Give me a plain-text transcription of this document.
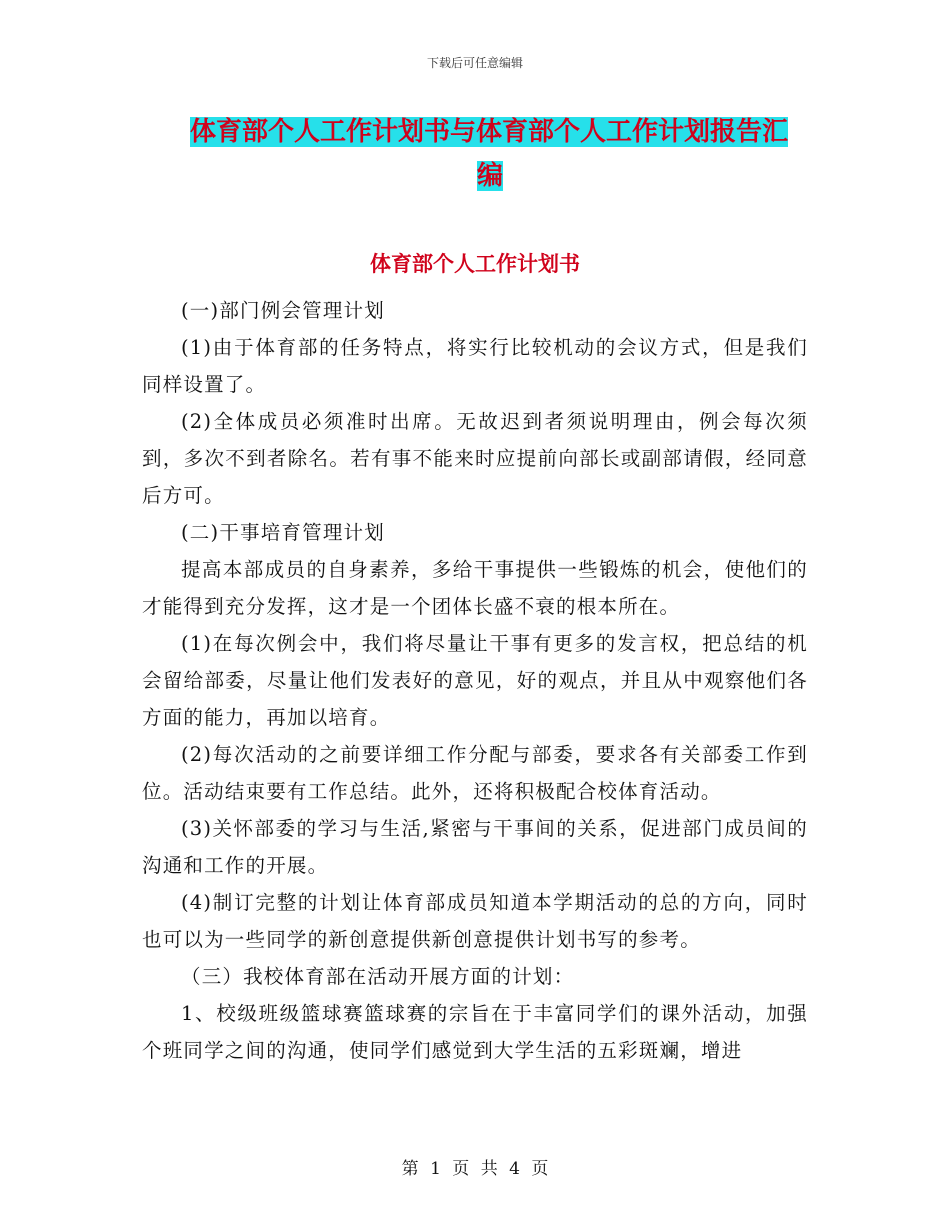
下载后可任意编辑
体育部个人工作计划书与体育部个人工作计划报告汇
编
体育部个人工作计划书

(一)部门例会管理计划

(1)由于体育部的任务特点，将实行比较机动的会议方式，但是我们同样设置了。

(2)全体成员必须准时出席。无故迟到者须说明理由，例会每次须到，多次不到者除名。若有事不能来时应提前向部长或副部请假，经同意后方可。

(二)干事培育管理计划

提高本部成员的自身素养，多给干事提供一些锻炼的机会，使他们的才能得到充分发挥，这才是一个团体长盛不衰的根本所在。

(1)在每次例会中，我们将尽量让干事有更多的发言权，把总结的机会留给部委，尽量让他们发表好的意见，好的观点，并且从中观察他们各方面的能力，再加以培育。

(2)每次活动的之前要详细工作分配与部委，要求各有关部委工作到位。活动结束要有工作总结。此外，还将积极配合校体育活动。

(3)关怀部委的学习与生活,紧密与干事间的关系，促进部门成员间的沟通和工作的开展。

(4)制订完整的计划让体育部成员知道本学期活动的总的方向，同时也可以为一些同学的新创意提供新创意提供计划书写的参考。

（三）我校体育部在活动开展方面的计划：

1、校级班级篮球赛篮球赛的宗旨在于丰富同学们的课外活动，加强个班同学之间的沟通，使同学们感觉到大学生活的五彩斑斓，增进

第 1 页 共 4 页
